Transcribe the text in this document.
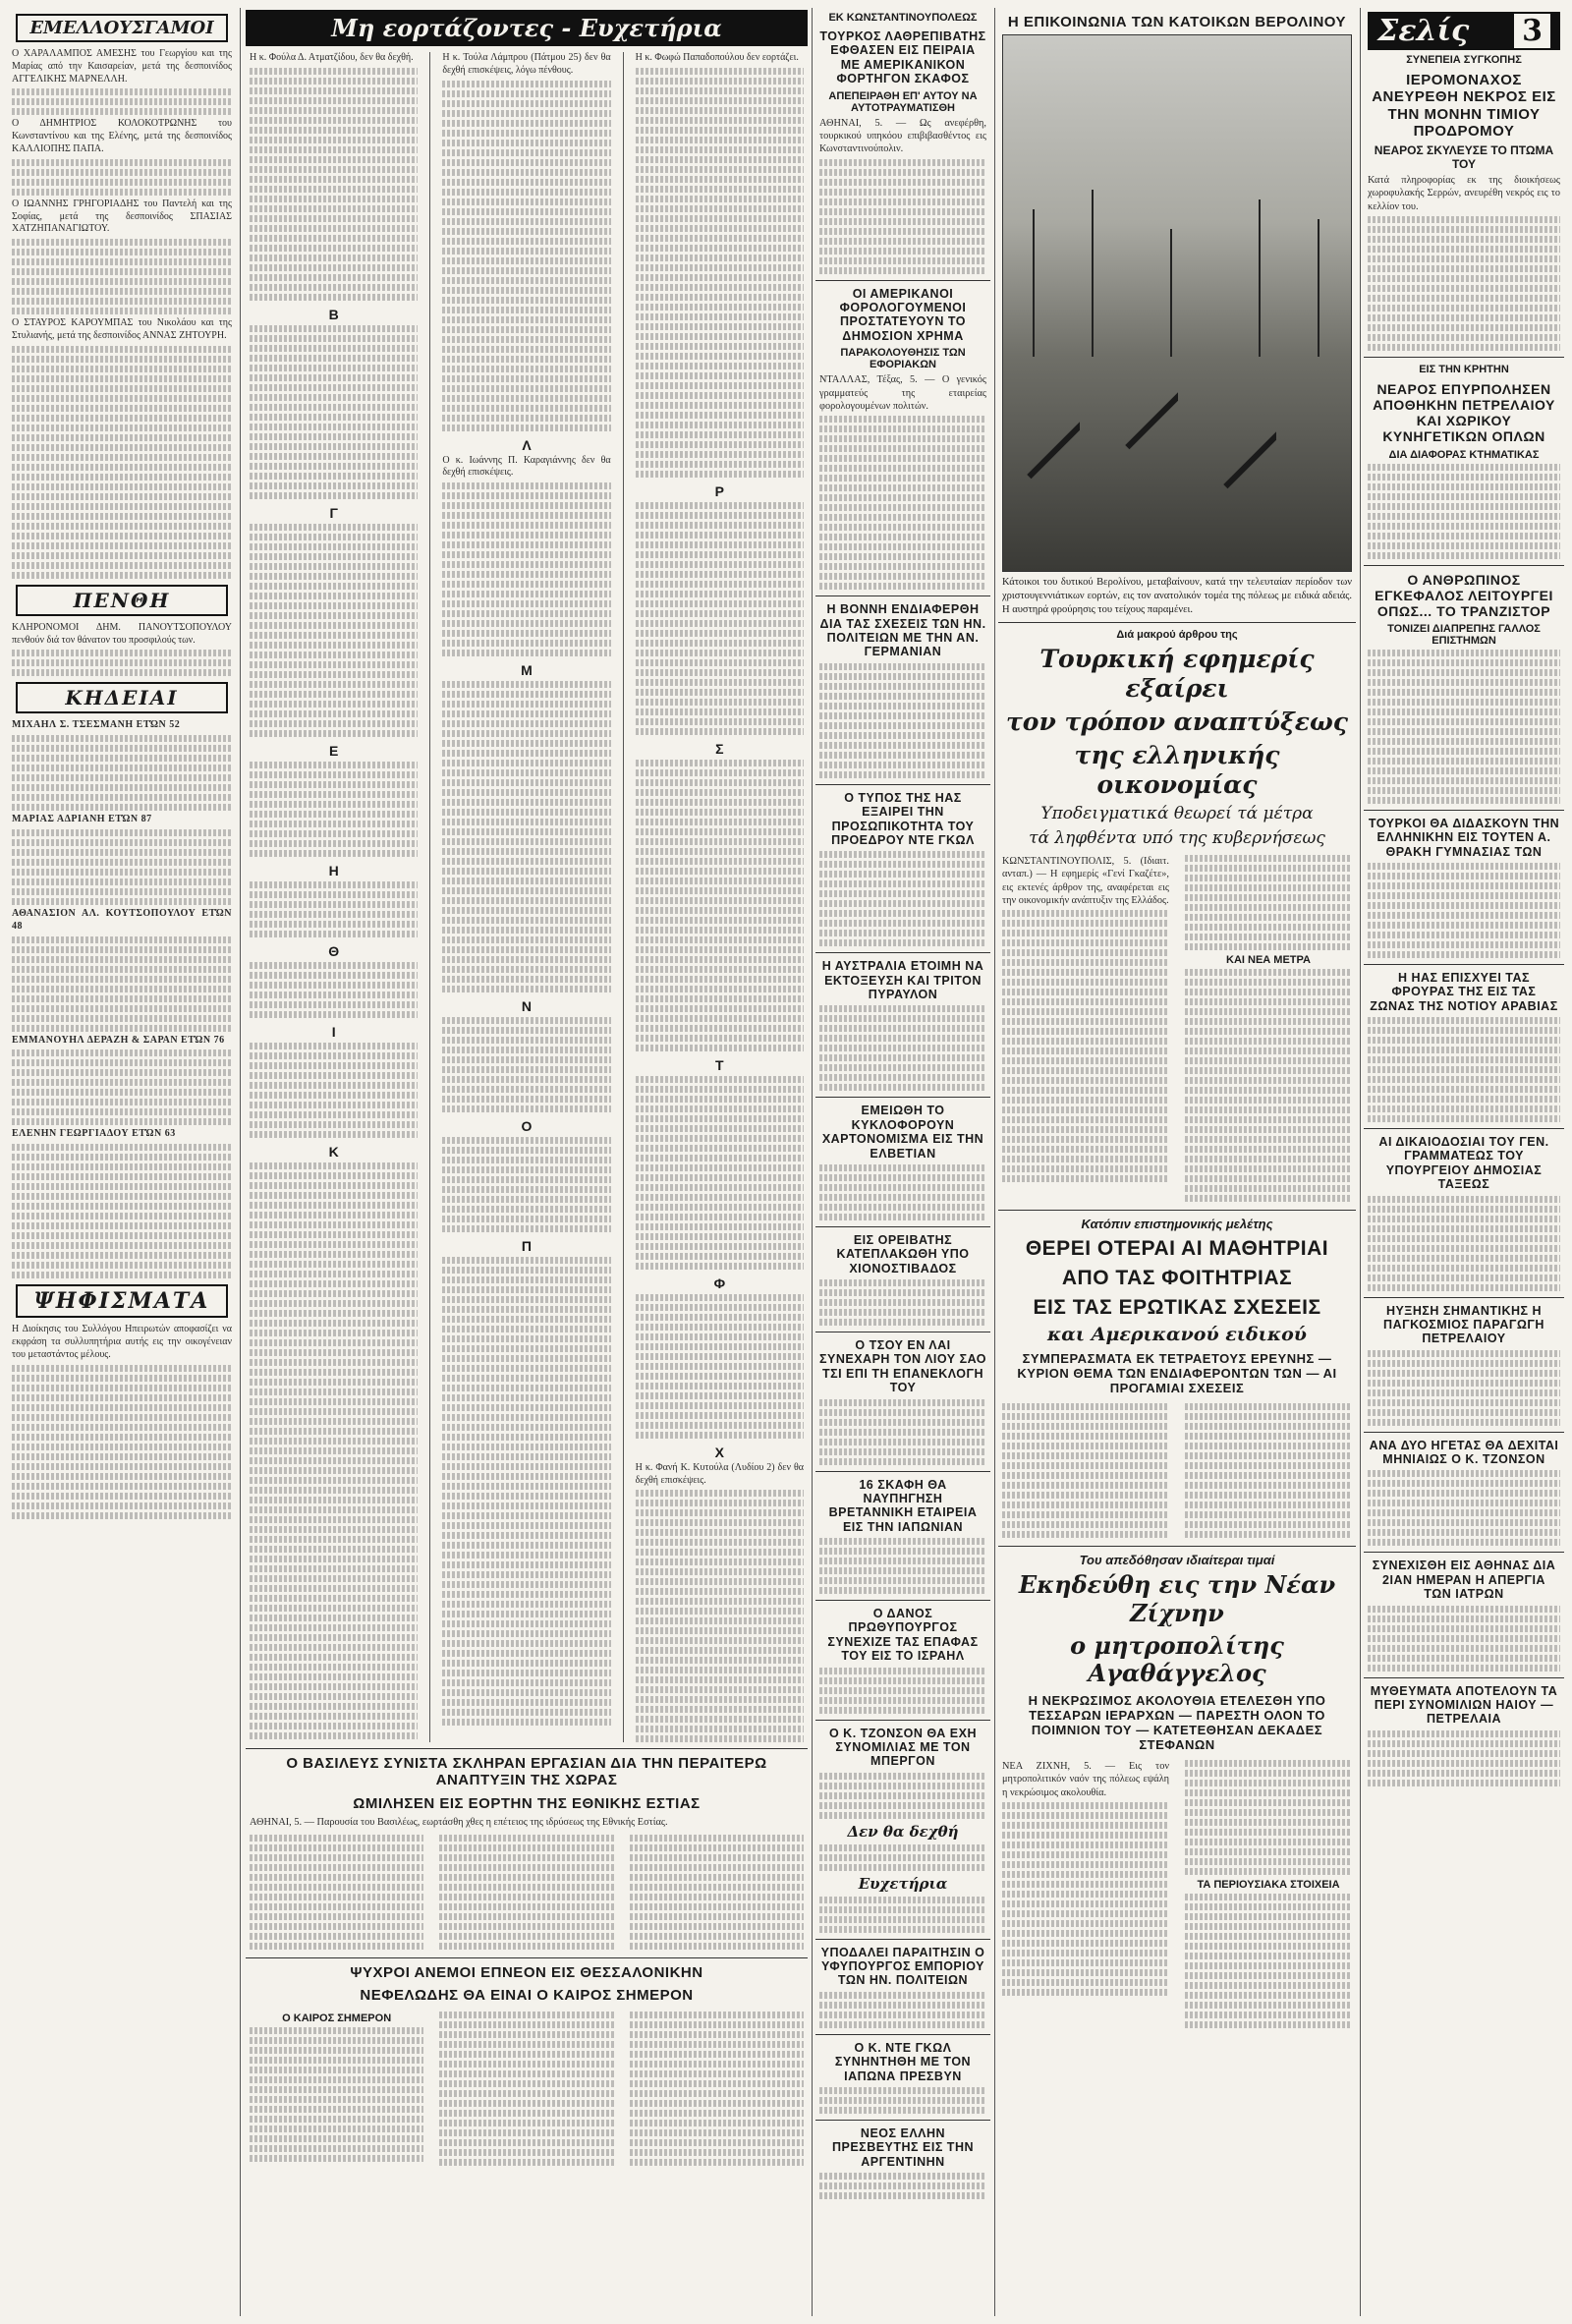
ΕΜΕΛΛΟΥΣΓΑΜΟΙ
Ο ΧΑΡΑΛΑΜΠΟΣ ΑΜΕΣΗΣ του Γεωργίου και της Μαρίας από την Καισαρείαν, μετά της δεσποινίδος ΑΓΓΕΛΙΚΗΣ ΜΑΡΝΕΛΛΗ.
Ο ΔΗΜΗΤΡΙΟΣ ΚΟΛΟΚΟΤΡΩΝΗΣ του Κωνσταντίνου και της Ελένης, μετά της δεσποινίδος ΚΑΛΛΙΟΠΗΣ ΠΑΠΑ.
Ο ΙΩΑΝΝΗΣ ΓΡΗΓΟΡΙΑΔΗΣ του Παντελή και της Σοφίας, μετά της δεσποινίδος ΣΠΑΣΙΑΣ ΧΑΤΖΗΠΑΝΑΓΙΩΤΟΥ.
Ο ΣΤΑΥΡΟΣ ΚΑΡΟΥΜΠΑΣ του Νικολάου και της Στυλιανής, μετά της δεσποινίδος ΑΝΝΑΣ ΖΗΤΟΥΡΗ.
ΠΕΝΘΗ
ΚΛΗΡΟΝΟΜΟΙ ΔΗΜ. ΠΑΝΟΥΤΣΟΠΟΥΛΟΥ πενθούν διά τον θάνατον του προσφιλούς των.
ΚΗΔΕΙΑΙ
ΜΙΧΑΗΛ Σ. ΤΣΕΣΜΑΝΗ ΕΤΏΝ 52
ΜΑΡΙΑΣ ΑΔΡΙΑΝΗ ΕΤΏΝ 87
ΑΘΑΝΑΣΙΟΝ ΑΛ. ΚΟΥΤΣΟΠΟΥΛΟΥ ΕΤΏΝ 48
ΕΜΜΑΝΟΥΗΛ ΔΕΡΑΖΗ & ΣΑΡΑΝ ΕΤΏΝ 76
ΕΛΕΝΗΝ ΓΕΩΡΓΙΑΔΟΥ ΕΤΏΝ 63
ΨΗΦΙΣΜΑΤΑ
Η Διοίκησις του Συλλόγου Ηπειρωτών αποφασίζει να εκφράση τα συλλυπητήρια αυτής εις την οικογένειαν του μεταστάντος μέλους.
Μη εορτάζοντες - Ευχετήρια
Η κ. Φούλα Δ. Ατματζίδου, δεν θα δεχθή.
Β
Γ
Ε
Η
Θ
Ι
Κ
Η κ. Τούλα Λάμπρου (Πάτμου 25) δεν θα δεχθή επισκέψεις, λόγω πένθους.
Λ
Ο κ. Ιωάννης Π. Καραγιάννης δεν θα δεχθή επισκέψεις.
Μ
Ν
Ο
Π
Η κ. Φωφώ Παπαδοπούλου δεν εορτάζει.
Ρ
Σ
Τ
Φ
Χ
Η κ. Φανή Κ. Κυτούλα (Λυδίου 2) δεν θα δεχθή επισκέψεις.
Ο ΒΑΣΙΛΕΥΣ ΣΥΝΙΣΤΑ ΣΚΛΗΡΑΝ ΕΡΓΑΣΙΑΝ ΔΙΑ ΤΗΝ ΠΕΡΑΙΤΕΡΩ ΑΝΑΠΤΥΞΙΝ ΤΗΣ ΧΩΡΑΣ
ΩΜΙΛΗΣΕΝ ΕΙΣ ΕΟΡΤΗΝ ΤΗΣ ΕΘΝΙΚΗΣ ΕΣΤΙΑΣ
ΑΘΗΝΑΙ, 5. — Παρουσία του Βασιλέως, εωρτάσθη χθες η επέτειος της ιδρύσεως της Εθνικής Εστίας.
ΨΥΧΡΟΙ ΑΝΕΜΟΙ ΕΠΝΕΟΝ ΕΙΣ ΘΕΣΣΑΛΟΝΙΚΗΝ
ΝΕΦΕΛΩΔΗΣ ΘΑ ΕΙΝΑΙ Ο ΚΑΙΡΟΣ ΣΗΜΕΡΟΝ
Ο ΚΑΙΡΟΣ ΣΗΜΕΡΟΝ
ΕΚ ΚΩΝΣΤΑΝΤΙΝΟΥΠΟΛΕΩΣ
ΤΟΥΡΚΟΣ ΛΑΘΡΕΠΙΒΑΤΗΣ ΕΦΘΑΣΕΝ ΕΙΣ ΠΕΙΡΑΙΑ ΜΕ ΑΜΕΡΙΚΑΝΙΚΟΝ ΦΟΡΤΗΓΟΝ ΣΚΑΦΟΣ
ΑΠΕΠΕΙΡΑΘΗ ΕΠ' ΑΥΤΟΥ ΝΑ ΑΥΤΟΤΡΑΥΜΑΤΙΣΘΗ
ΑΘΗΝΑΙ, 5. — Ως ανεφέρθη, τουρκικού υπηκόου επιβιβασθέντος εις Κωνσταντινούπολιν.
ΟΙ ΑΜΕΡΙΚΑΝΟΙ ΦΟΡΟΛΟΓΟΥΜΕΝΟΙ ΠΡΟΣΤΑΤΕΥΟΥΝ ΤΟ ΔΗΜΟΣΙΟΝ ΧΡΗΜΑ
ΠΑΡΑΚΟΛΟΥΘΗΣΙΣ ΤΩΝ ΕΦΟΡΙΑΚΩΝ
ΝΤΑΛΛΑΣ, Τέξας, 5. — Ο γενικός γραμματεύς της εταιρείας φορολογουμένων πολιτών.
Η ΒΟΝΝΗ ΕΝΔΙΑΦΕΡΘΗ ΔΙΑ ΤΑΣ ΣΧΕΣΕΙΣ ΤΩΝ ΗΝ. ΠΟΛΙΤΕΙΩΝ ΜΕ ΤΗΝ ΑΝ. ΓΕΡΜΑΝΙΑΝ
Ο ΤΥΠΟΣ ΤΗΣ ΗΑΣ ΕΞΑΙΡΕΙ ΤΗΝ ΠΡΟΣΩΠΙΚΟΤΗΤΑ ΤΟΥ ΠΡΟΕΔΡΟΥ ΝΤΕ ΓΚΩΛ
Η ΑΥΣΤΡΑΛΙΑ ΕΤΟΙΜΗ ΝΑ ΕΚΤΟΞΕΥΣΗ ΚΑΙ ΤΡΙΤΟΝ ΠΥΡΑΥΛΟΝ
ΕΜΕΙΩΘΗ ΤΟ ΚΥΚΛΟΦΟΡΟΥΝ ΧΑΡΤΟΝΟΜΙΣΜΑ ΕΙΣ ΤΗΝ ΕΛΒΕΤΙΑΝ
ΕΙΣ ΟΡΕΙΒΑΤΗΣ ΚΑΤΕΠΛΑΚΩΘΗ ΥΠΟ ΧΙΟΝΟΣΤΙΒΑΔΟΣ
Ο ΤΣΟΥ ΕΝ ΛΑΙ ΣΥΝΕΧΑΡΗ ΤΟΝ ΛΙΟΥ ΣΑΟ ΤΣΙ ΕΠΙ ΤΗ ΕΠΑΝΕΚΛΟΓΗ ΤΟΥ
16 ΣΚΑΦΗ ΘΑ ΝΑΥΠΗΓΗΣΗ ΒΡΕΤΑΝΝΙΚΗ ΕΤΑΙΡΕΙΑ ΕΙΣ ΤΗΝ ΙΑΠΩΝΙΑΝ
Ο ΔΑΝΟΣ ΠΡΩΘΥΠΟΥΡΓΟΣ ΣΥΝΕΧΙΖΕ ΤΑΣ ΕΠΑΦΑΣ ΤΟΥ ΕΙΣ ΤΟ ΙΣΡΑΗΛ
Ο Κ. ΤΖΟΝΣΟΝ ΘΑ ΕΧΗ ΣΥΝΟΜΙΛΙΑΣ ΜΕ ΤΟΝ ΜΠΕΡΓΟΝ
Δεν θα δεχθή
Ευχετήρια
ΥΠΟΔΑΛΕΙ ΠΑΡΑΙΤΗΣΙΝ Ο ΥΦΥΠΟΥΡΓΟΣ ΕΜΠΟΡΙΟΥ ΤΩΝ ΗΝ. ΠΟΛΙΤΕΙΩΝ
Ο Κ. ΝΤΕ ΓΚΩΛ ΣΥΝΗΝΤΗΘΗ ΜΕ ΤΟΝ ΙΑΠΩΝΑ ΠΡΕΣΒΥΝ
ΝΕΟΣ ΕΛΛΗΝ ΠΡΕΣΒΕΥΤΗΣ ΕΙΣ ΤΗΝ ΑΡΓΕΝΤΙΝΗΝ
Η ΕΠΙΚΟΙΝΩΝΙΑ ΤΩΝ ΚΑΤΟΙΚΩΝ ΒΕΡΟΛΙΝΟΥ
Κάτοικοι του δυτικού Βερολίνου, μεταβαίνουν, κατά την τελευταίαν περίοδον των χριστουγεννιάτικων εορτών, εις τον ανατολικόν τομέα της πόλεως με ειδικά αδειάς. Η αυστηρά φρούρησις του τείχους παραμένει.
Διά μακρού άρθρου της
Τουρκική εφημερίς εξαίρει
τον τρόπον αναπτύξεως
της ελληνικής οικονομίας
Υποδειγματικά θεωρεί τά μέτρα
τά ληφθέντα υπό της κυβερνήσεως
ΚΩΝΣΤΑΝΤΙΝΟΥΠΟΛΙΣ, 5. (Ιδιαιτ. ανταπ.) — Η εφημερίς «Γενί Γκαζέτε», εις εκτενές άρθρον της, αναφέρεται εις την οικονομικήν ανάπτυξιν της Ελλάδος.
ΚΑΙ ΝΕΑ ΜΕΤΡΑ
Κατόπιν επιστημονικής μελέτης
ΘΕΡΕΙ ΟΤΕΡΑΙ ΑΙ ΜΑΘΗΤΡΙΑΙ
ΑΠΟ ΤΑΣ ΦΟΙΤΗΤΡΙΑΣ
ΕΙΣ ΤΑΣ ΕΡΩΤΙΚΑΣ ΣΧΕΣΕΙΣ
και Αμερικανού ειδικού
ΣΥΜΠΕΡΑΣΜΑΤΑ ΕΚ ΤΕΤΡΑΕΤΟΥΣ ΕΡΕΥΝΗΣ — ΚΥΡΙΟΝ ΘΕΜΑ ΤΩΝ ΕΝΔΙΑΦΕΡΟΝΤΩΝ ΤΩΝ — ΑΙ ΠΡΟΓΑΜΙΑΙ ΣΧΕΣΕΙΣ
Του απεδόθησαν ιδιαίτεραι τιμαί
Εκηδεύθη εις την Νέαν Ζίχνην
ο μητροπολίτης Αγαθάγγελος
Η ΝΕΚΡΩΣΙΜΟΣ ΑΚΟΛΟΥΘΙΑ ΕΤΕΛΕΣΘΗ ΥΠΟ ΤΕΣΣΑΡΩΝ ΙΕΡΑΡΧΩΝ — ΠΑΡΕΣΤΗ ΟΛΟΝ ΤΟ ΠΟΙΜΝΙΟΝ ΤΟΥ — ΚΑΤΕΤΕΘΗΣΑΝ ΔΕΚΑΔΕΣ ΣΤΕΦΑΝΩΝ
ΝΕΑ ΖΙΧΝΗ, 5. — Εις τον μητροπολιτικόν ναόν της πόλεως εψάλη η νεκρώσιμος ακολουθία.
ΤΑ ΠΕΡΙΟΥΣΙΑΚΑ ΣΤΟΙΧΕΙΑ
Σελίς 3
ΣΥΝΕΠΕΙΑ ΣΥΓΚΟΠΗΣ
ΙΕΡΟΜΟΝΑΧΟΣ ΑΝΕΥΡΕΘΗ ΝΕΚΡΟΣ ΕΙΣ ΤΗΝ ΜΟΝΗΝ ΤΙΜΙΟΥ ΠΡΟΔΡΟΜΟΥ
ΝΕΑΡΟΣ ΣΚΥΛΕΥΣΕ ΤΟ ΠΤΩΜΑ ΤΟΥ
Κατά πληροφορίας εκ της διοικήσεως χωροφυλακής Σερρών, ανευρέθη νεκρός εις το κελλίον του.
ΕΙΣ ΤΗΝ ΚΡΗΤΗΝ
ΝΕΑΡΟΣ ΕΠΥΡΠΟΛΗΣΕΝ ΑΠΟΘΗΚΗΝ ΠΕΤΡΕΛΑΙΟΥ ΚΑΙ ΧΩΡΙΚΟΥ ΚΥΝΗΓΕΤΙΚΩΝ ΟΠΛΩΝ
ΔΙΑ ΔΙΑΦΟΡΑΣ ΚΤΗΜΑΤΙΚΑΣ
Ο ΑΝΘΡΩΠΙΝΟΣ ΕΓΚΕΦΑΛΟΣ ΛΕΙΤΟΥΡΓΕΙ ΟΠΩΣ... ΤΟ ΤΡΑΝΖΙΣΤΟΡ
ΤΟΝΙΖΕΙ ΔΙΑΠΡΕΠΗΣ ΓΑΛΛΟΣ ΕΠΙΣΤΗΜΩΝ
ΤΟΥΡΚΟΙ ΘΑ ΔΙΔΑΣΚΟΥΝ ΤΗΝ ΕΛΛΗΝΙΚΗΝ ΕΙΣ ΤΟΥΤΕΝ Α. ΘΡΑΚΗ ΓΥΜΝΑΣΙΑΣ ΤΩΝ
Η ΗΑΣ ΕΠΙΣΧΥΕΙ ΤΑΣ ΦΡΟΥΡΑΣ ΤΗΣ ΕΙΣ ΤΑΣ ΖΩΝΑΣ ΤΗΣ ΝΟΤΙΟΥ ΑΡΑΒΙΑΣ
ΑΙ ΔΙΚΑΙΟΔΟΣΙΑΙ ΤΟΥ ΓΕΝ. ΓΡΑΜΜΑΤΕΩΣ ΤΟΥ ΥΠΟΥΡΓΕΙΟΥ ΔΗΜΟΣΙΑΣ ΤΑΞΕΩΣ
ΗΥΞΗΣΗ ΣΗΜΑΝΤΙΚΗΣ Η ΠΑΓΚΟΣΜΙΟΣ ΠΑΡΑΓΩΓΗ ΠΕΤΡΕΛΑΙΟΥ
ΑΝΑ ΔΥΟ ΗΓΕΤΑΣ ΘΑ ΔΕΧΙΤΑΙ ΜΗΝΙΑΙΩΣ Ο Κ. ΤΖΟΝΣΟΝ
ΣΥΝΕΧΙΣΘΗ ΕΙΣ ΑΘΗΝΑΣ ΔΙΑ 2ΙΑΝ ΗΜΕΡΑΝ Η ΑΠΕΡΓΙΑ ΤΩΝ ΙΑΤΡΩΝ
ΜΥΘΕΥΜΑΤΑ ΑΠΟΤΕΛΟΥΝ ΤΑ ΠΕΡΙ ΣΥΝΟΜΙΛΙΩΝ ΗΑΙΟΥ — ΠΕΤΡΕΛΑΙΑ
